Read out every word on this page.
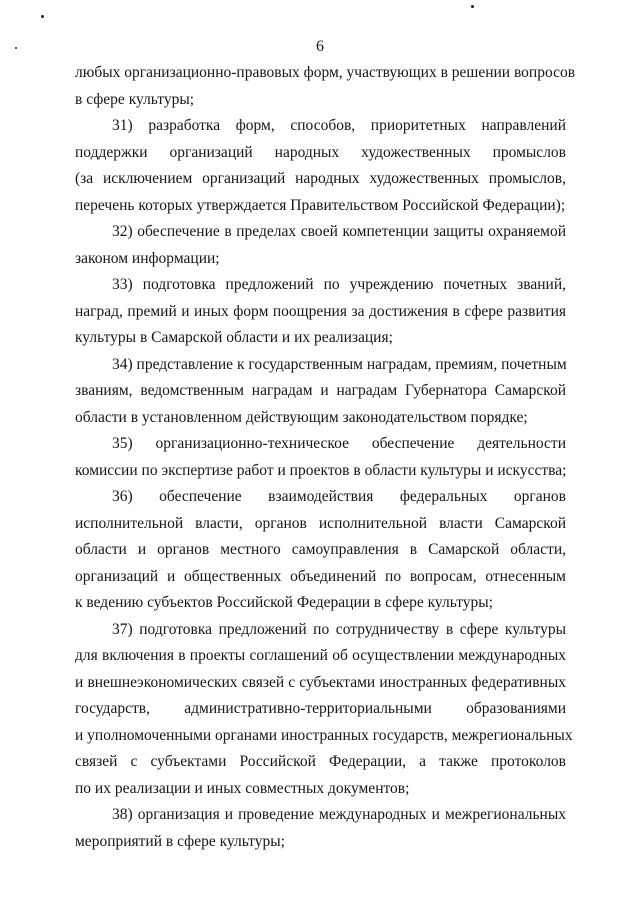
6
любых организационно-правовых форм, участвующих в решении вопросов
в сфере культуры;
31) разработка форм, способов, приоритетных направлений
поддержки организаций народных художественных промыслов
(за исключением организаций народных художественных промыслов,
перечень которых утверждается Правительством Российской Федерации);
32) обеспечение в пределах своей компетенции защиты охраняемой
законом информации;
33) подготовка предложений по учреждению почетных званий,
наград, премий и иных форм поощрения за достижения в сфере развития
культуры в Самарской области и их реализация;
34) представление к государственным наградам, премиям, почетным
званиям, ведомственным наградам и наградам Губернатора Самарской
области в установленном действующим законодательством порядке;
35) организационно-техническое обеспечение деятельности
комиссии по экспертизе работ и проектов в области культуры и искусства;
36) обеспечение взаимодействия федеральных органов
исполнительной власти, органов исполнительной власти Самарской
области и органов местного самоуправления в Самарской области,
организаций и общественных объединений по вопросам, отнесенным
к ведению субъектов Российской Федерации в сфере культуры;
37) подготовка предложений по сотрудничеству в сфере культуры
для включения в проекты соглашений об осуществлении международных
и внешнеэкономических связей с субъектами иностранных федеративных
государств, административно-территориальными образованиями
и уполномоченными органами иностранных государств, межрегиональных
связей с субъектами Российской Федерации, а также протоколов
по их реализации и иных совместных документов;
38) организация и проведение международных и межрегиональных
мероприятий в сфере культуры;
